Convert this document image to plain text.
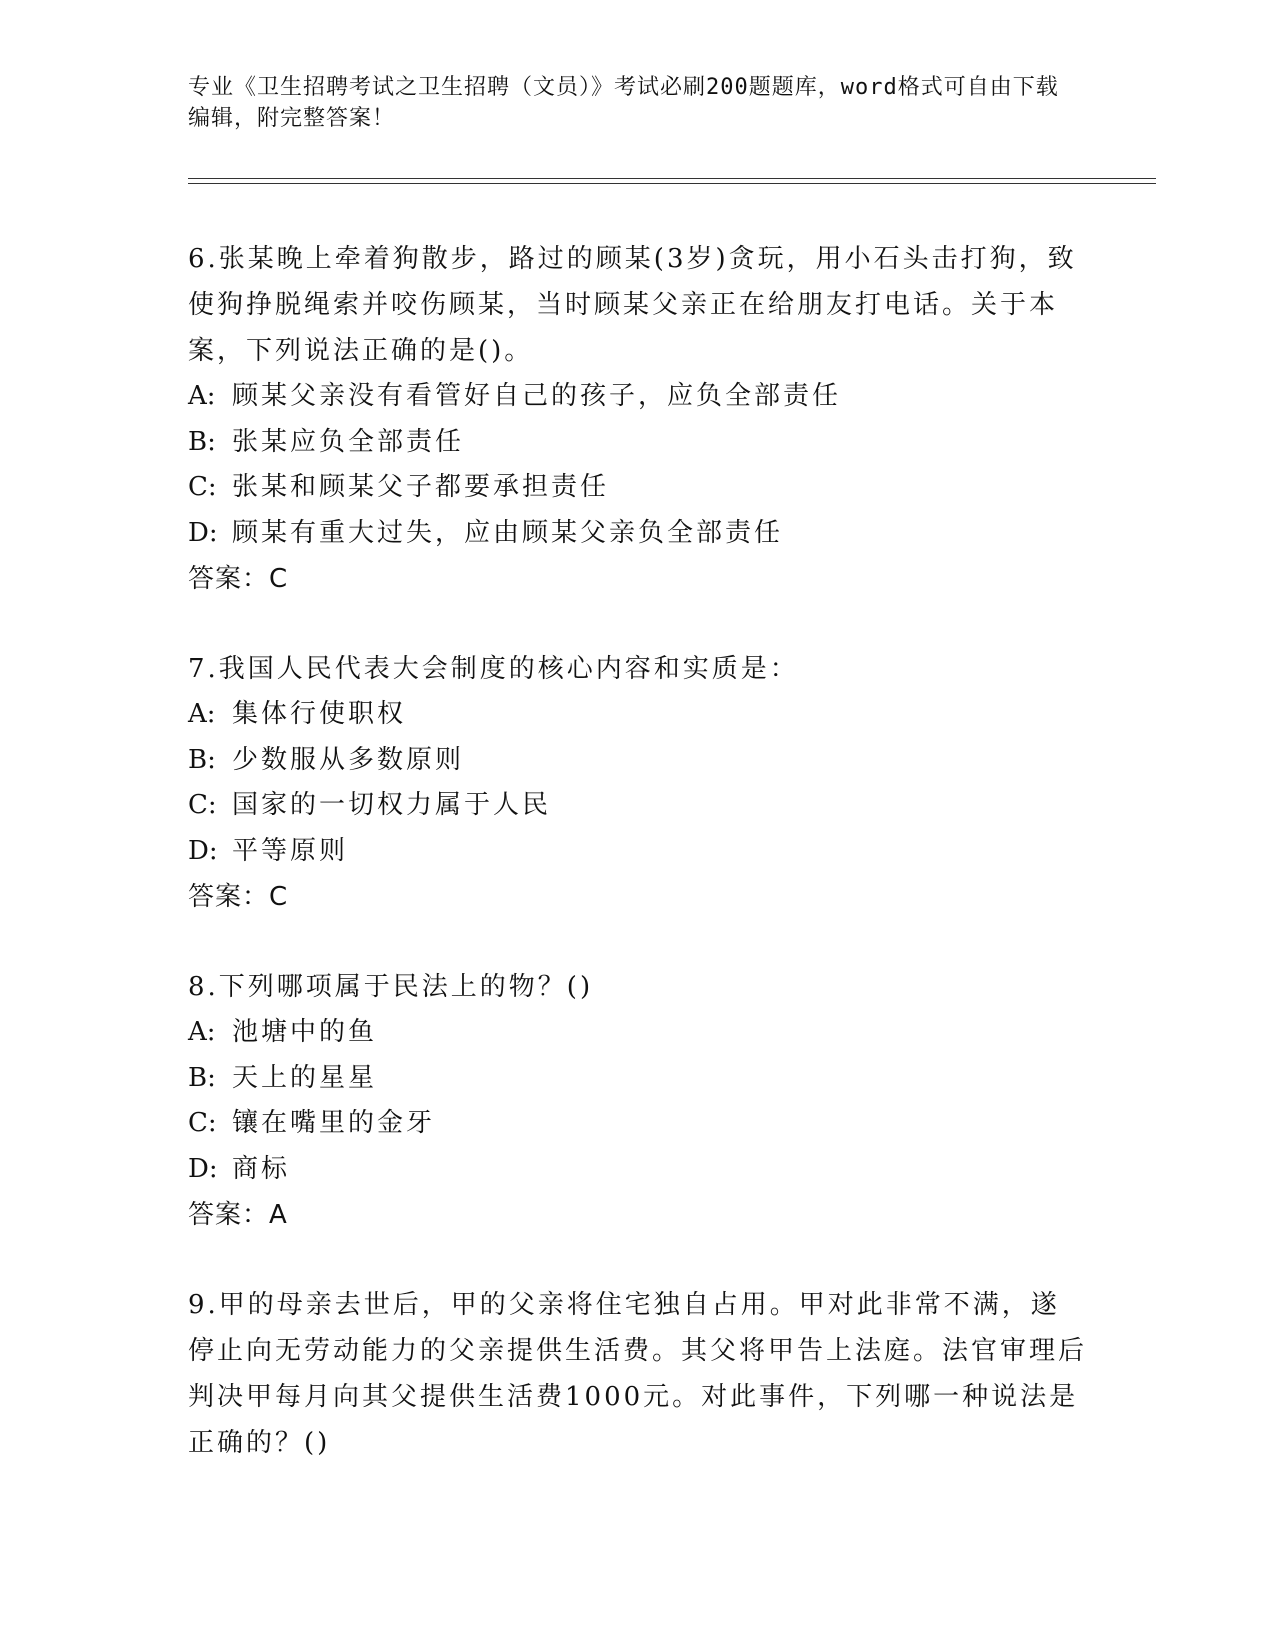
专业《卫生招聘考试之卫生招聘（文员）》考试必刷200题题库，word格式可自由下载编辑，附完整答案！

6.张某晚上牵着狗散步，路过的顾某(3岁)贪玩，用小石头击打狗，致使狗挣脱绳索并咬伤顾某，当时顾某父亲正在给朋友打电话。关于本案，下列说法正确的是()。

A: 顾某父亲没有看管好自己的孩子，应负全部责任

B: 张某应负全部责任

C: 张某和顾某父子都要承担责任

D: 顾某有重大过失，应由顾某父亲负全部责任

答案：C

7.我国人民代表大会制度的核心内容和实质是：

A: 集体行使职权

B: 少数服从多数原则

C: 国家的一切权力属于人民

D: 平等原则

答案：C

8.下列哪项属于民法上的物？()

A: 池塘中的鱼

B: 天上的星星

C: 镶在嘴里的金牙

D: 商标

答案：A

9.甲的母亲去世后，甲的父亲将住宅独自占用。甲对此非常不满，遂停止向无劳动能力的父亲提供生活费。其父将甲告上法庭。法官审理后判决甲每月向其父提供生活费1000元。对此事件，下列哪一种说法是正确的？()
